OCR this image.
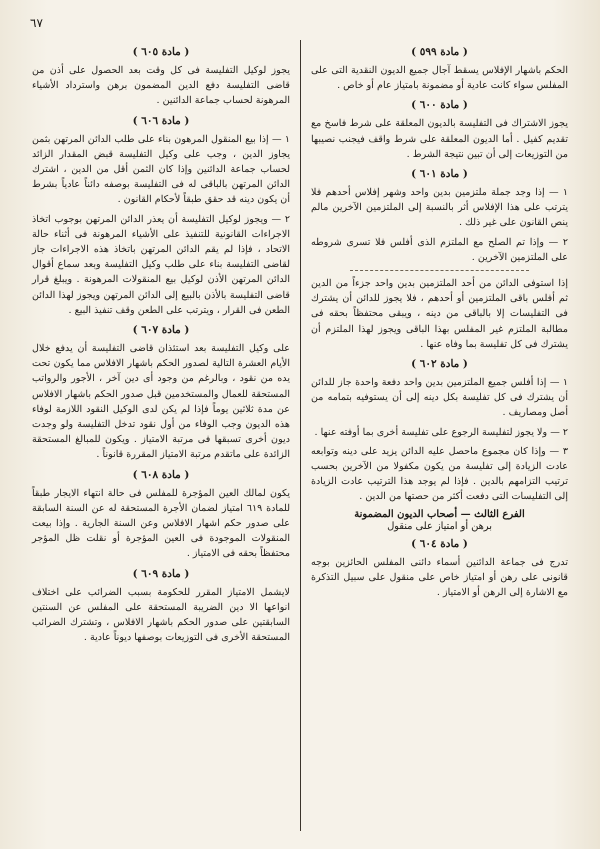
٦٧
( مادة ٥٩٩ )

الحكم باشهار الإفلاس يسقط آجال جميع الديون النقدية التى على المفلس سواء كانت عادية أو مضمونة بامتياز عام أو خاص .

( مادة ٦٠٠ )

يجوز الاشتراك فى التفليسة بالديون المعلقة على شرط فاسخ مع تقديم كفيل . أما الديون المعلقة على شرط واقف فيجنب نصيبها من التوزيعات إلى أن تبين نتيجة الشرط .

( مادة ٦٠١ )

١ — إذا وجد جملة ملتزمين بدين واحد وشهر إفلاس أحدهم فلا يترتب على هذا الإفلاس أثر بالنسبة إلى الملتزمين الآخرين مالم ينص القانون على غير ذلك .

٢ — وإذا تم الصلح مع الملتزم الذى أفلس فلا تسرى شروطه على الملتزمين الآخرين .

إذا استوفى الدائن من أحد الملتزمين بدين واحد جزءاً من الدين ثم أفلس باقى الملتزمين أو أحدهم ، فلا يجوز للدائن أن يشترك فى التفليسات إلا بالباقى من دينه ، ويبقى محتفظاً بحقه فى مطالبة الملتزم غير المفلس بهذا الباقى ويجوز لهذا الملتزم أن يشترك فى كل تفليسة بما وفاه عنها .

( مادة ٦٠٢ )

١ — إذا أفلس جميع الملتزمين بدين واحد دفعة واحدة جاز للدائن أن يشترك فى كل تفليسة بكل دينه إلى أن يستوفيه بتمامه من أصل ومصاريف .

٢ — ولا يجوز لتفليسة الرجوع على تفليسة أخرى بما أوفته عنها .

٣ — وإذا كان مجموع ماحصل عليه الدائن يزيد على دينه وتوابعه عادت الزيادة إلى تفليسة من يكون مكفولا من الآخرين بحسب ترتيب التزامهم بالدين . فإذا لم يوجد هذا الترتيب عادت الزيادة إلى التفليسات التى دفعت أكثر من حصتها من الدين .

الفرع الثالث — أصحاب الديون المضمونة
برهن أو امتياز على منقول
( مادة ٦٠٤ )

تدرج فى جماعة الدائنين أسماء دائنى المفلس الحائزين بوجه قانونى على رهن أو امتياز خاص على منقول على سبيل التذكرة مع الاشارة إلى الرهن أو الامتياز .

( مادة ٦٠٥ )

يجوز لوكيل التفليسة فى كل وقت بعد الحصول على أذن من قاضى التفليسة دفع الدين المضمون برهن واسترداد الأشياء المرهونة لحساب جماعة الدائنين .

( مادة ٦٠٦ )

١ — إذا بيع المنقول المرهون بناء على طلب الدائن المرتهن بثمن يجاوز الدين ، وجب على وكيل التفليسة قبض المقدار الزائد لحساب جماعة الدائنين وإذا كان الثمن أقل من الدين ، اشترك الدائن المرتهن بالباقى له فى التفليسة بوصفه دائناً عادياً بشرط أن يكون دينه قد حقق طبقاً لأحكام القانون .

٢ — ويجوز لوكيل التفليسة أن يعذر الدائن المرتهن بوجوب اتخاذ الاجراءات القانونية للتنفيذ على الأشياء المرهونة فى أثناء حالة الاتحاد ، فإذا لم يقم الدائن المرتهن باتخاذ هذه الاجراءات جاز لقاضى التفليسة بناء على طلب وكيل التفليسة وبعد سماع أقوال الدائن المرتهن الأذن لوكيل بيع المنقولات المرهونة . ويبلغ قرار قاضى التفليسة بالأذن بالبيع إلى الدائن المرتهن ويجوز لهذا الدائن الطعن فى القرار ، ويترتب على الطعن وقف تنفيذ البيع .

( مادة ٦٠٧ )

على وكيل التفليسة بعد استئذان قاضى التفليسة أن يدفع خلال الأيام العشرة التالية لصدور الحكم باشهار الافلاس مما يكون تحت يده من نقود ، وبالرغم من وجود أى دين آخر ، الأجور والرواتب المستحقة للعمال والمستخدمين قبل صدور الحكم باشهار الافلاس عن مدة ثلاثين يوماً فإذا لم يكن لدى الوكيل النقود اللازمة لوفاء هذه الديون وجب الوفاء من أول نقود تدخل التفليسة ولو وجدت ديون أخرى تسبقها فى مرتبة الامتياز . ويكون للمبالغ المستحقة الزائدة على ماتقدم مرتبة الامتياز المقررة قانوناً .

( مادة ٦٠٨ )

يكون لمالك العين المؤجرة للمفلس فى حالة انتهاء الايجار طبقاً للمادة ٦١٩ امتياز لضمان الأجرة المستحقة له عن السنة السابقة على صدور حكم اشهار الافلاس وعن السنة الجارية . وإذا بيعت المنقولات الموجودة فى العين المؤجرة أو نقلت ظل المؤجر محتفظاً بحقه فى الامتياز .

( مادة ٦٠٩ )

لايشمل الامتياز المقرر للحكومة بسبب الضرائب على اختلاف انواعها الا دين الضريبة المستحقة على المفلس عن السنتين السابقتين على صدور الحكم باشهار الافلاس ، وتشترك الضرائب المستحقة الأخرى فى التوزيعات بوصفها ديوناً عادية .
